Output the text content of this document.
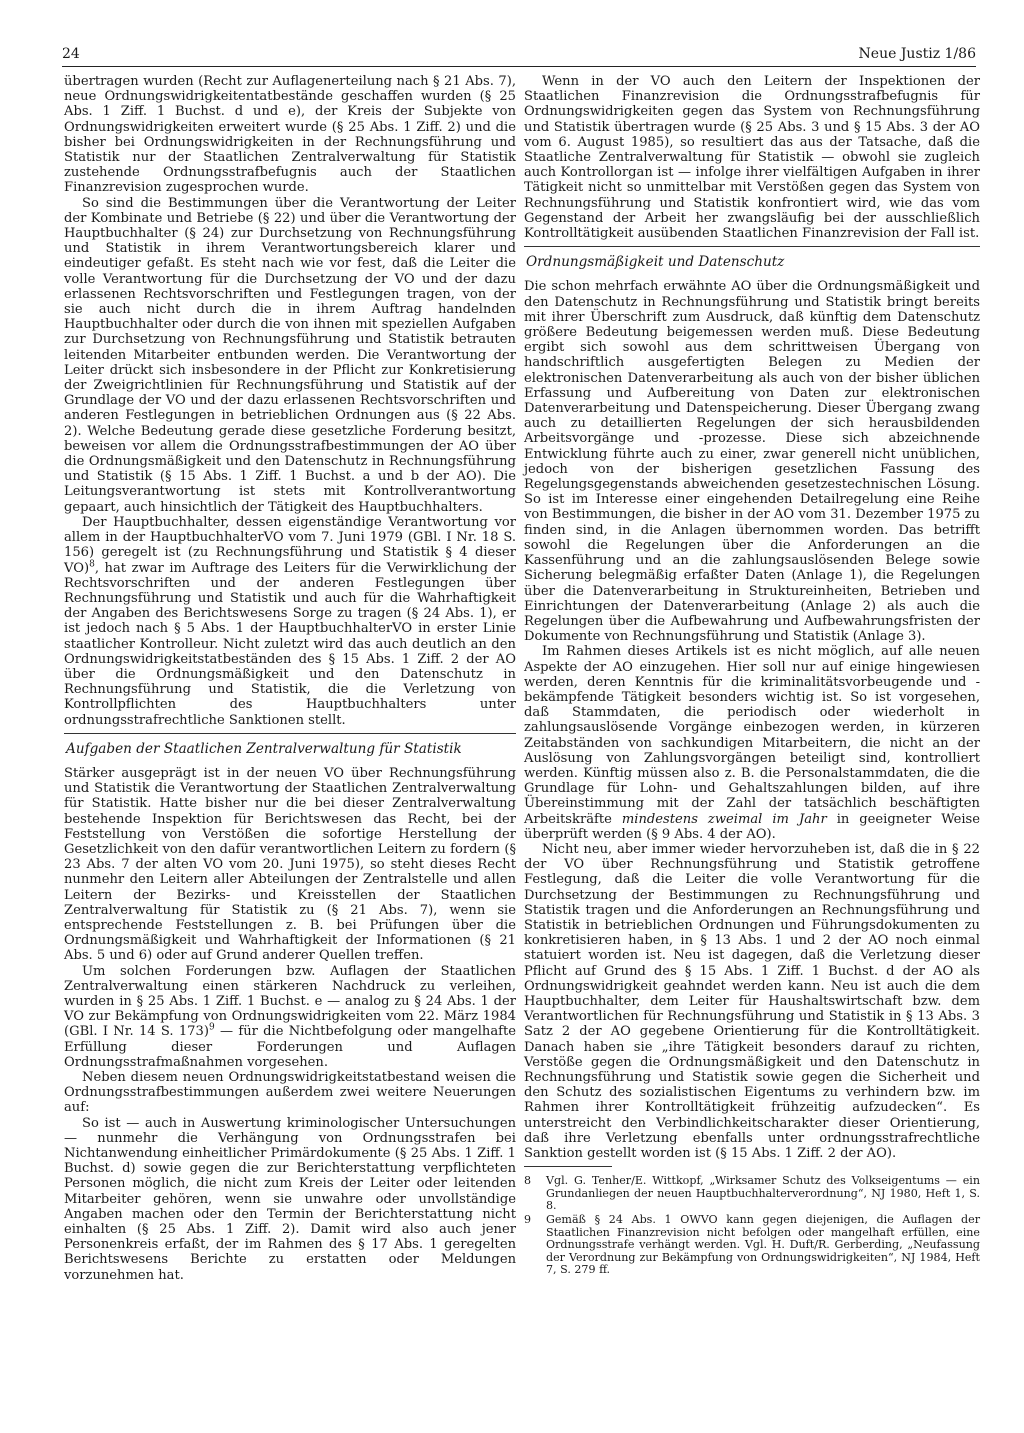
24	Neue Justiz 1/86

übertragen wurden (Recht zur Auflagenerteilung nach § 21 Abs. 7), neue Ordnungswidrigkeitentatbestände geschaffen wurden (§ 25 Abs. 1 Ziff. 1 Buchst. d und e), der Kreis der Subjekte von Ordnungswidrigkeiten erweitert wurde (§ 25 Abs. 1 Ziff. 2) und die bisher bei Ordnungswidrigkeiten in der Rechnungsführung und Statistik nur der Staatlichen Zentralverwaltung für Statistik zustehende Ordnungsstrafbefugnis auch der Staatlichen Finanzrevision zugesprochen wurde.

So sind die Bestimmungen über die Verantwortung der Leiter der Kombinate und Betriebe (§ 22) und über die Verantwortung der Hauptbuchhalter (§ 24) zur Durchsetzung von Rechnungsführung und Statistik in ihrem Verantwortungsbereich klarer und eindeutiger gefaßt. Es steht nach wie vor fest, daß die Leiter die volle Verantwortung für die Durchsetzung der VO und der dazu erlassenen Rechtsvorschriften und Festlegungen tragen, von der sie auch nicht durch die in ihrem Auftrag handelnden Hauptbuchhalter oder durch die von ihnen mit speziellen Aufgaben zur Durchsetzung von Rechnungsführung und Statistik betrauten leitenden Mitarbeiter entbunden werden. Die Verantwortung der Leiter drückt sich insbesondere in der Pflicht zur Konkretisierung der Zweigrichtlinien für Rechnungsführung und Statistik auf der Grundlage der VO und der dazu erlassenen Rechtsvorschriften und anderen Festlegungen in betrieblichen Ordnungen aus (§ 22 Abs. 2). Welche Bedeutung gerade diese gesetzliche Forderung besitzt, beweisen vor allem die Ordnungsstrafbestimmungen der AO über die Ordnungsmäßigkeit und den Datenschutz in Rechnungsführung und Statistik (§ 15 Abs. 1 Ziff. 1 Buchst. a und b der AO). Die Leitungsverantwortung ist stets mit Kontrollverantwortung gepaart, auch hinsichtlich der Tätigkeit des Hauptbuchhalters.

Der Hauptbuchhalter, dessen eigenständige Verantwortung vor allem in der HauptbuchhalterVO vom 7. Juni 1979 (GBl. I Nr. 18 S. 156) geregelt ist (zu Rechnungsführung und Statistik § 4 dieser VO)$^8$, hat zwar im Auftrage des Leiters für die Verwirklichung der Rechtsvorschriften und der anderen Festlegungen über Rechnungsführung und Statistik und auch für die Wahrhaftigkeit der Angaben des Berichtswesens Sorge zu tragen (§ 24 Abs. 1), er ist jedoch nach § 5 Abs. 1 der HauptbuchhalterVO in erster Linie staatlicher Kontrolleur. Nicht zuletzt wird das auch deutlich an den Ordnungswidrigkeitstatbeständen des § 15 Abs. 1 Ziff. 2 der AO über die Ordnungsmäßigkeit und den Datenschutz in Rechnungsführung und Statistik, die die Verletzung von Kontrollpflichten des Hauptbuchhalters unter ordnungsstrafrechtliche Sanktionen stellt.

Aufgaben der Staatlichen Zentralverwaltung für Statistik

Stärker ausgeprägt ist in der neuen VO über Rechnungsführung und Statistik die Verantwortung der Staatlichen Zentralverwaltung für Statistik. Hatte bisher nur die bei dieser Zentralverwaltung bestehende Inspektion für Berichtswesen das Recht, bei der Feststellung von Verstößen die sofortige Herstellung der Gesetzlichkeit von den dafür verantwortlichen Leitern zu fordern (§ 23 Abs. 7 der alten VO vom 20. Juni 1975), so steht dieses Recht nunmehr den Leitern aller Abteilungen der Zentralstelle und allen Leitern der Bezirks- und Kreisstellen der Staatlichen Zentralverwaltung für Statistik zu (§ 21 Abs. 7), wenn sie entsprechende Feststellungen z. B. bei Prüfungen über die Ordnungsmäßigkeit und Wahrhaftigkeit der Informationen (§ 21 Abs. 5 und 6) oder auf Grund anderer Quellen treffen.

Um solchen Forderungen bzw. Auflagen der Staatlichen Zentralverwaltung einen stärkeren Nachdruck zu verleihen, wurden in § 25 Abs. 1 Ziff. 1 Buchst. e — analog zu § 24 Abs. 1 der VO zur Bekämpfung von Ordnungswidrigkeiten vom 22. März 1984 (GBl. I Nr. 14 S. 173)$^9$ — für die Nichtbefolgung oder mangelhafte Erfüllung dieser Forderungen und Auflagen Ordnungsstrafmaßnahmen vorgesehen.

Neben diesem neuen Ordnungswidrigkeitstatbestand weisen die Ordnungsstrafbestimmungen außerdem zwei weitere Neuerungen auf:

So ist — auch in Auswertung kriminologischer Untersuchungen — nunmehr die Verhängung von Ordnungsstrafen bei Nichtanwendung einheitlicher Primärdokumente (§ 25 Abs. 1 Ziff. 1 Buchst. d) sowie gegen die zur Berichterstattung verpflichteten Personen möglich, die nicht zum Kreis der Leiter oder leitenden Mitarbeiter gehören, wenn sie unwahre oder unvollständige Angaben machen oder den Termin der Berichterstattung nicht einhalten (§ 25 Abs. 1 Ziff. 2). Damit wird also auch jener Personenkreis erfaßt, der im Rahmen des § 17 Abs. 1 geregelten Berichtswesens Berichte zu erstatten oder Meldungen vorzunehmen hat.

Wenn in der VO auch den Leitern der Inspektionen der Staatlichen Finanzrevision die Ordnungsstrafbefugnis für Ordnungswidrigkeiten gegen das System von Rechnungsführung und Statistik übertragen wurde (§ 25 Abs. 3 und § 15 Abs. 3 der AO vom 6. August 1985), so resultiert das aus der Tatsache, daß die Staatliche Zentralverwaltung für Statistik — obwohl sie zugleich auch Kontrollorgan ist — infolge ihrer vielfältigen Aufgaben in ihrer Tätigkeit nicht so unmittelbar mit Verstößen gegen das System von Rechnungsführung und Statistik konfrontiert wird, wie das vom Gegenstand der Arbeit her zwangsläufig bei der ausschließlich Kontrolltätigkeit ausübenden Staatlichen Finanzrevision der Fall ist.

Ordnungsmäßigkeit und Datenschutz

Die schon mehrfach erwähnte AO über die Ordnungsmäßigkeit und den Datenschutz in Rechnungsführung und Statistik bringt bereits mit ihrer Überschrift zum Ausdruck, daß künftig dem Datenschutz größere Bedeutung beigemessen werden muß. Diese Bedeutung ergibt sich sowohl aus dem schrittweisen Übergang von handschriftlich ausgefertigten Belegen zu Medien der elektronischen Datenverarbeitung als auch von der bisher üblichen Erfassung und Aufbereitung von Daten zur elektronischen Datenverarbeitung und Datenspeicherung. Dieser Übergang zwang auch zu detaillierten Regelungen der sich herausbildenden Arbeitsvorgänge und -prozesse. Diese sich abzeichnende Entwicklung führte auch zu einer, zwar generell nicht unüblichen, jedoch von der bisherigen gesetzlichen Fassung des Regelungsgegenstands abweichenden gesetzestechnischen Lösung. So ist im Interesse einer eingehenden Detailregelung eine Reihe von Bestimmungen, die bisher in der AO vom 31. Dezember 1975 zu finden sind, in die Anlagen übernommen worden. Das betrifft sowohl die Regelungen über die Anforderungen an die Kassenführung und an die zahlungsauslösenden Belege sowie Sicherung belegmäßig erfaßter Daten (Anlage 1), die Regelungen über die Datenverarbeitung in Struktureinheiten, Betrieben und Einrichtungen der Datenverarbeitung (Anlage 2) als auch die Regelungen über die Aufbewahrung und Aufbewahrungsfristen der Dokumente von Rechnungsführung und Statistik (Anlage 3).

Im Rahmen dieses Artikels ist es nicht möglich, auf alle neuen Aspekte der AO einzugehen. Hier soll nur auf einige hingewiesen werden, deren Kenntnis für die kriminalitätsvorbeugende und -bekämpfende Tätigkeit besonders wichtig ist. So ist vorgesehen, daß Stammdaten, die periodisch oder wiederholt in zahlungsauslösende Vorgänge einbezogen werden, in kürzeren Zeitabständen von sachkundigen Mitarbeitern, die nicht an der Auslösung von Zahlungsvorgängen beteiligt sind, kontrolliert werden. Künftig müssen also z. B. die Personalstammdaten, die die Grundlage für Lohn- und Gehaltszahlungen bilden, auf ihre Übereinstimmung mit der Zahl der tatsächlich beschäftigten Arbeitskräfte mindestens zweimal im Jahr in geeigneter Weise überprüft werden (§ 9 Abs. 4 der AO).

Nicht neu, aber immer wieder hervorzuheben ist, daß die in § 22 der VO über Rechnungsführung und Statistik getroffene Festlegung, daß die Leiter die volle Verantwortung für die Durchsetzung der Bestimmungen zu Rechnungsführung und Statistik tragen und die Anforderungen an Rechnungsführung und Statistik in betrieblichen Ordnungen und Führungsdokumenten zu konkretisieren haben, in § 13 Abs. 1 und 2 der AO noch einmal statuiert worden ist. Neu ist dagegen, daß die Verletzung dieser Pflicht auf Grund des § 15 Abs. 1 Ziff. 1 Buchst. d der AO als Ordnungswidrigkeit geahndet werden kann. Neu ist auch die dem Hauptbuchhalter, dem Leiter für Haushaltswirtschaft bzw. dem Verantwortlichen für Rechnungsführung und Statistik in § 13 Abs. 3 Satz 2 der AO gegebene Orientierung für die Kontrolltätigkeit. Danach haben sie „ihre Tätigkeit besonders darauf zu richten, Verstöße gegen die Ordnungsmäßigkeit und den Datenschutz in Rechnungsführung und Statistik sowie gegen die Sicherheit und den Schutz des sozialistischen Eigentums zu verhindern bzw. im Rahmen ihrer Kontrolltätigkeit frühzeitig aufzudecken“. Es unterstreicht den Verbindlichkeitscharakter dieser Orientierung, daß ihre Verletzung ebenfalls unter ordnungsstrafrechtliche Sanktion gestellt worden ist (§ 15 Abs. 1 Ziff. 2 der AO).

8	Vgl. G. Tenher/E. Wittkopf, „Wirksamer Schutz des Volkseigentums — ein Grundanliegen der neuen Hauptbuchhalterverordnung“, NJ 1980, Heft 1, S. 8.
9	Gemäß § 24 Abs. 1 OWVO kann gegen diejenigen, die Auflagen der Staatlichen Finanzrevision nicht befolgen oder mangelhaft erfüllen, eine Ordnungsstrafe verhängt werden. Vgl. H. Duft/R. Gerberding, „Neufassung der Verordnung zur Bekämpfung von Ordnungswidrigkeiten“, NJ 1984, Heft 7, S. 279 ff.
